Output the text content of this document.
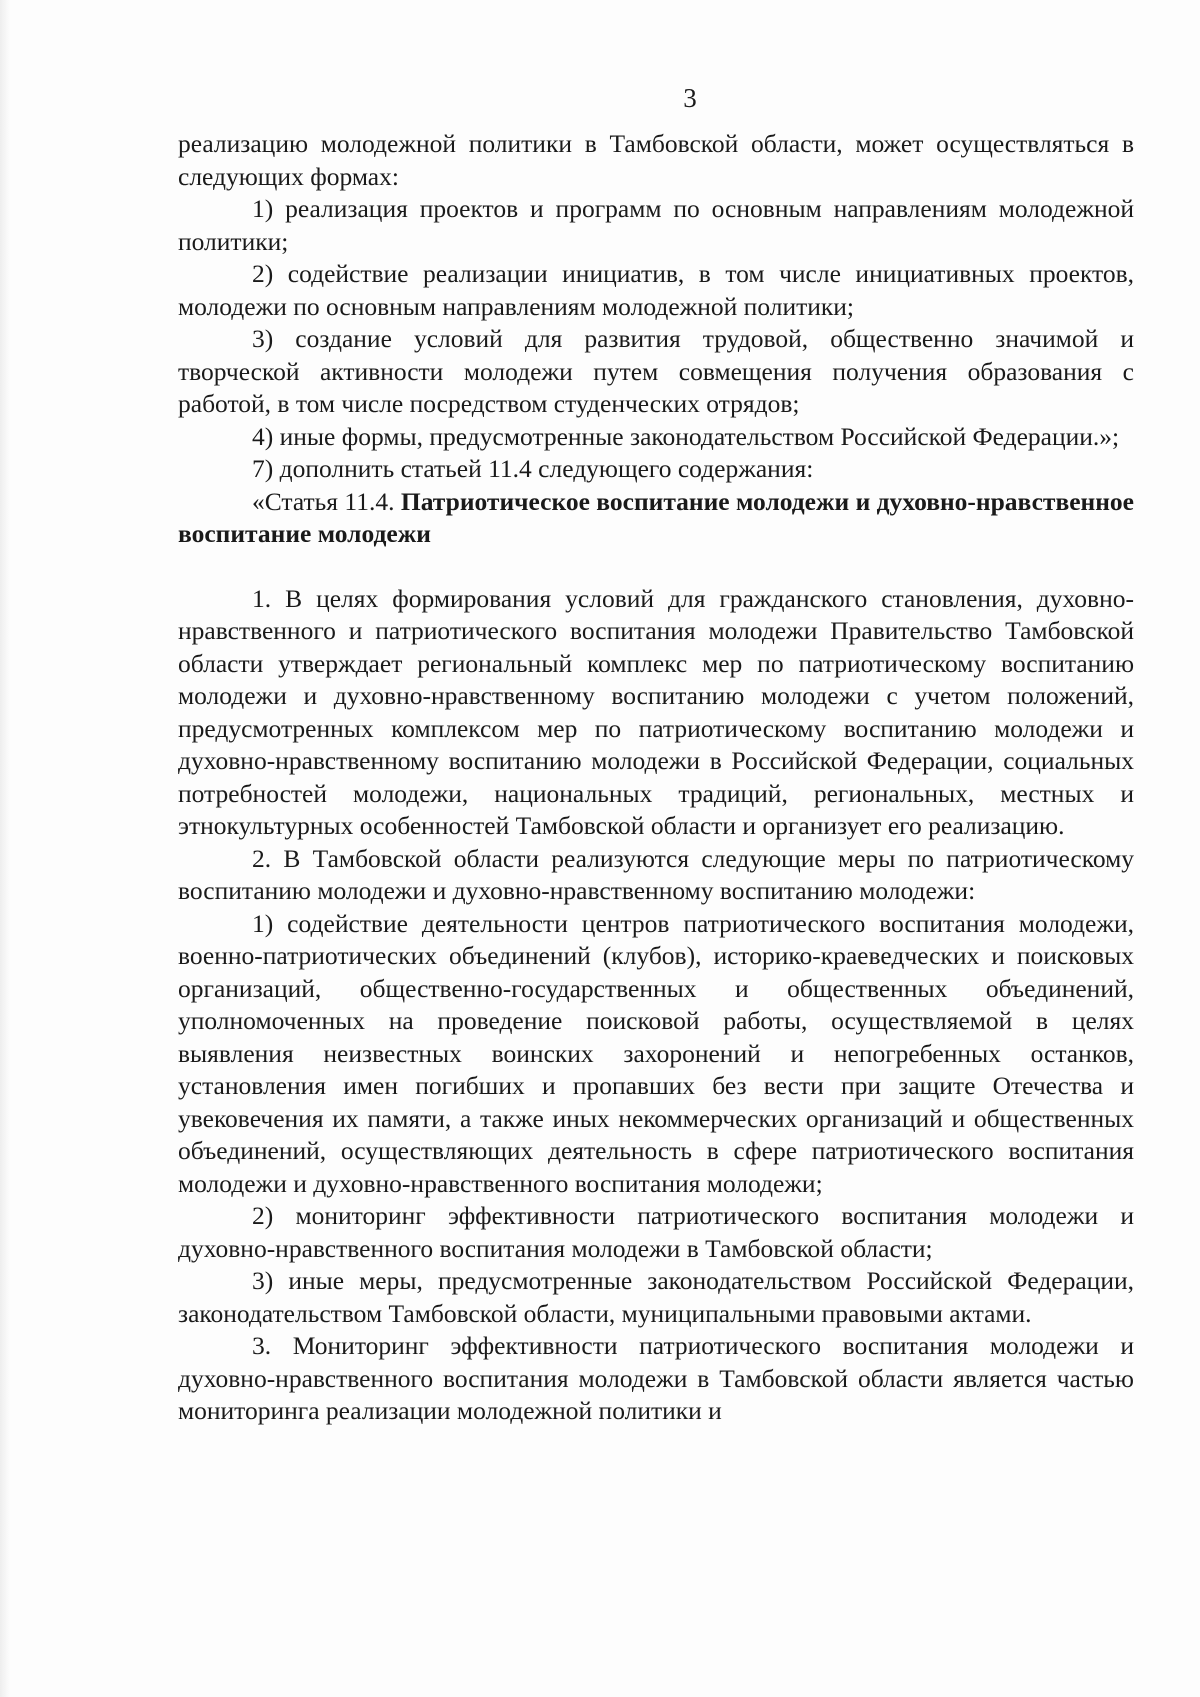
3

реализацию молодежной политики в Тамбовской области, может осуществляться в следующих формах:

1) реализация проектов и программ по основным направлениям молодежной политики;

2) содействие реализации инициатив, в том числе инициативных проектов, молодежи по основным направлениям молодежной политики;

3) создание условий для развития трудовой, общественно значимой и творческой активности молодежи путем совмещения получения образования с работой, в том числе посредством студенческих отрядов;

4) иные формы, предусмотренные законодательством Российской Федерации.»;

7) дополнить статьей 11.4 следующего содержания:

«Статья 11.4. Патриотическое воспитание молодежи и духовно-нравственное воспитание молодежи

1. В целях формирования условий для гражданского становления, духовно-нравственного и патриотического воспитания молодежи Правительство Тамбовской области утверждает региональный комплекс мер по патриотическому воспитанию молодежи и духовно-нравственному воспитанию молодежи с учетом положений, предусмотренных комплексом мер по патриотическому воспитанию молодежи и духовно-нравственному воспитанию молодежи в Российской Федерации, социальных потребностей молодежи, национальных традиций, региональных, местных и этнокультурных особенностей Тамбовской области и организует его реализацию.

2. В Тамбовской области реализуются следующие меры по патриотическому воспитанию молодежи и духовно-нравственному воспитанию молодежи:

1) содействие деятельности центров патриотического воспитания молодежи, военно-патриотических объединений (клубов), историко-краеведческих и поисковых организаций, общественно-государственных и общественных объединений, уполномоченных на проведение поисковой работы, осуществляемой в целях выявления неизвестных воинских захоронений и непогребенных останков, установления имен погибших и пропавших без вести при защите Отечества и увековечения их памяти, а также иных некоммерческих организаций и общественных объединений, осуществляющих деятельность в сфере патриотического воспитания молодежи и духовно-нравственного воспитания молодежи;

2) мониторинг эффективности патриотического воспитания молодежи и духовно-нравственного воспитания молодежи в Тамбовской области;

3) иные меры, предусмотренные законодательством Российской Федерации, законодательством Тамбовской области, муниципальными правовыми актами.

3. Мониторинг эффективности патриотического воспитания молодежи и духовно-нравственного воспитания молодежи в Тамбовской области является частью мониторинга реализации молодежной политики и
